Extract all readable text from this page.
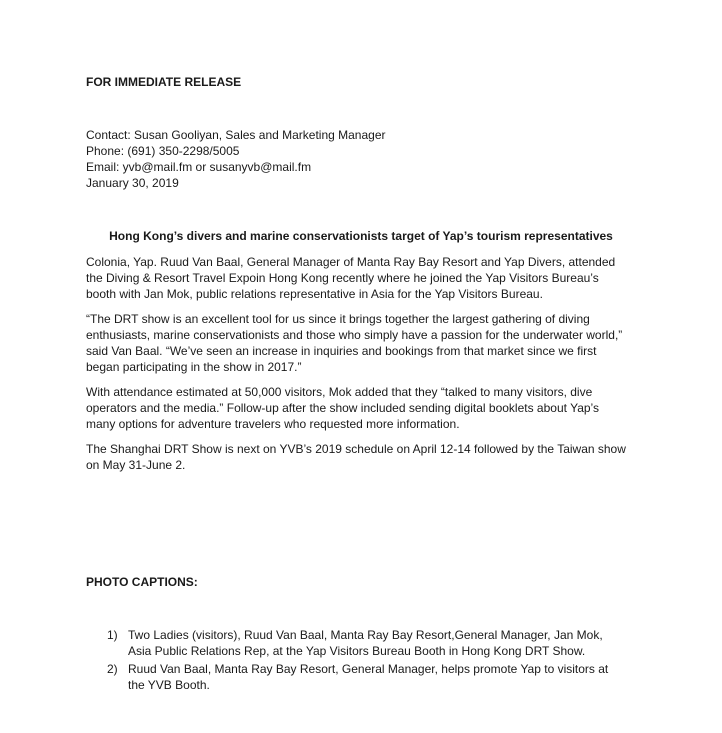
FOR IMMEDIATE RELEASE
Contact: Susan Gooliyan, Sales and Marketing Manager
Phone: (691) 350-2298/5005
Email: yvb@mail.fm or susanyvb@mail.fm
January 30, 2019
Hong Kong’s divers and marine conservationists target of Yap’s tourism representatives

Colonia, Yap. Ruud Van Baal, General Manager of Manta Ray Bay Resort and Yap Divers, attended the Diving & Resort Travel Expoin Hong Kong recently where he joined the Yap Visitors Bureau’s booth with Jan Mok, public relations representative in Asia for the Yap Visitors Bureau.

“The DRT show is an excellent tool for us since it brings together the largest gathering of diving enthusiasts, marine conservationists and those who simply have a passion for the underwater world,” said Van Baal. “We’ve seen an increase in inquiries and bookings from that market since we first began participating in the show in 2017.”

With attendance estimated at 50,000 visitors, Mok added that they “talked to many visitors, dive operators and the media.” Follow-up after the show included sending digital booklets about Yap’s many options for adventure travelers who requested more information.

The Shanghai DRT Show is next on YVB’s 2019 schedule on April 12-14 followed by the Taiwan show on May 31-June 2.

PHOTO CAPTIONS:
1) Two Ladies (visitors), Ruud Van Baal, Manta Ray Bay Resort,General Manager, Jan Mok, Asia Public Relations Rep, at the Yap Visitors Bureau Booth in Hong Kong DRT Show.
2) Ruud Van Baal, Manta Ray Bay Resort, General Manager, helps promote Yap to visitors at the YVB Booth.
